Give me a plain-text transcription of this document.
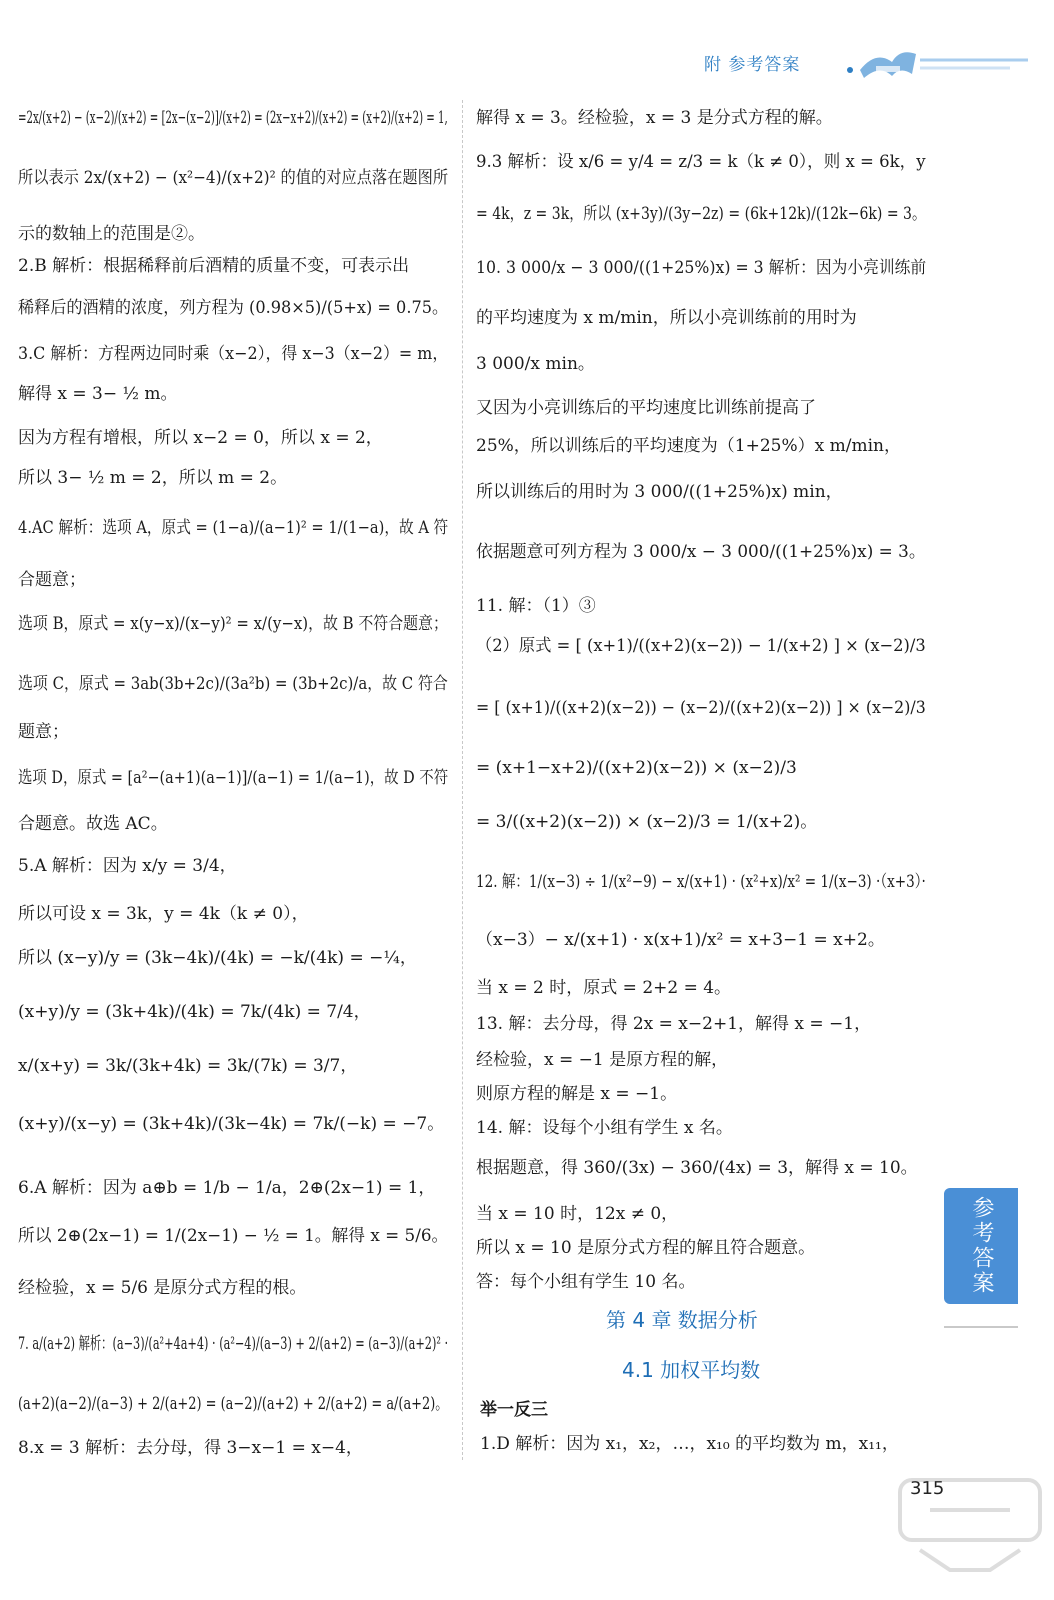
附 参考答案
=2x/(x+2) − (x−2)/(x+2) = [2x−(x−2)]/(x+2) = (2x−x+2)/(x+2) = (x+2)/(x+2) = 1,
所以表示 2x/(x+2) − (x²−4)/(x+2)² 的值的对应点落在题图所
示的数轴上的范围是②。
2.B 解析：根据稀释前后酒精的质量不变，可表示出
稀释后的酒精的浓度，列方程为 (0.98×5)/(5+x) = 0.75。
3.C 解析：方程两边同时乘（x−2），得 x−3（x−2）= m，
解得 x = 3− ½ m。
因为方程有增根，所以 x−2 = 0，所以 x = 2，
所以 3− ½ m = 2，所以 m = 2。
4.AC 解析：选项 A，原式 = (1−a)/(a−1)² = 1/(1−a)，故 A 符
合题意；
选项 B，原式 = x(y−x)/(x−y)² = x/(y−x)，故 B 不符合题意；
选项 C，原式 = 3ab(3b+2c)/(3a²b) = (3b+2c)/a，故 C 符合
题意；
选项 D，原式 = [a²−(a+1)(a−1)]/(a−1) = 1/(a−1)，故 D 不符
合题意。故选 AC。
5.A 解析：因为 x/y = 3/4，
所以可设 x = 3k，y = 4k（k ≠ 0），
所以 (x−y)/y = (3k−4k)/(4k) = −k/(4k) = −¼，
(x+y)/y = (3k+4k)/(4k) = 7k/(4k) = 7/4，
x/(x+y) = 3k/(3k+4k) = 3k/(7k) = 3/7，
(x+y)/(x−y) = (3k+4k)/(3k−4k) = 7k/(−k) = −7。
6.A 解析：因为 a⊕b = 1/b − 1/a，2⊕(2x−1) = 1，
所以 2⊕(2x−1) = 1/(2x−1) − ½ = 1。解得 x = 5/6。
经检验，x = 5/6 是原分式方程的根。
7. a/(a+2) 解析：(a−3)/(a²+4a+4) · (a²−4)/(a−3) + 2/(a+2) = (a−3)/(a+2)² ·
(a+2)(a−2)/(a−3) + 2/(a+2) = (a−2)/(a+2) + 2/(a+2) = a/(a+2)。
8.x = 3 解析：去分母，得 3−x−1 = x−4，
解得 x = 3。经检验，x = 3 是分式方程的解。
9.3 解析：设 x/6 = y/4 = z/3 = k（k ≠ 0），则 x = 6k，y
= 4k，z = 3k，所以 (x+3y)/(3y−2z) = (6k+12k)/(12k−6k) = 3。
10. 3 000/x − 3 000/((1+25%)x) = 3 解析：因为小亮训练前
的平均速度为 x m/min，所以小亮训练前的用时为
3 000/x min。
又因为小亮训练后的平均速度比训练前提高了
25%，所以训练后的平均速度为（1+25%）x m/min，
所以训练后的用时为 3 000/((1+25%)x) min，
依据题意可列方程为 3 000/x − 3 000/((1+25%)x) = 3。
11. 解：（1）③
（2）原式 = [ (x+1)/((x+2)(x−2)) − 1/(x+2) ] × (x−2)/3
= [ (x+1)/((x+2)(x−2)) − (x−2)/((x+2)(x−2)) ] × (x−2)/3
= (x+1−x+2)/((x+2)(x−2)) × (x−2)/3
= 3/((x+2)(x−2)) × (x−2)/3 = 1/(x+2)。
12. 解：1/(x−3) ÷ 1/(x²−9) − x/(x+1) · (x²+x)/x² = 1/(x−3) ·（x+3）·
（x−3）− x/(x+1) · x(x+1)/x² = x+3−1 = x+2。
当 x = 2 时，原式 = 2+2 = 4。
13. 解：去分母，得 2x = x−2+1，解得 x = −1，
经检验，x = −1 是原方程的解，
则原方程的解是 x = −1。
14. 解：设每个小组有学生 x 名。
根据题意，得 360/(3x) − 360/(4x) = 3，解得 x = 10。
当 x = 10 时，12x ≠ 0，
所以 x = 10 是原分式方程的解且符合题意。
答：每个小组有学生 10 名。
第 4 章 数据分析
4.1 加权平均数
举一反三
1.D 解析：因为 x₁，x₂，…，x₁₀ 的平均数为 m，x₁₁，
参考答案
315
